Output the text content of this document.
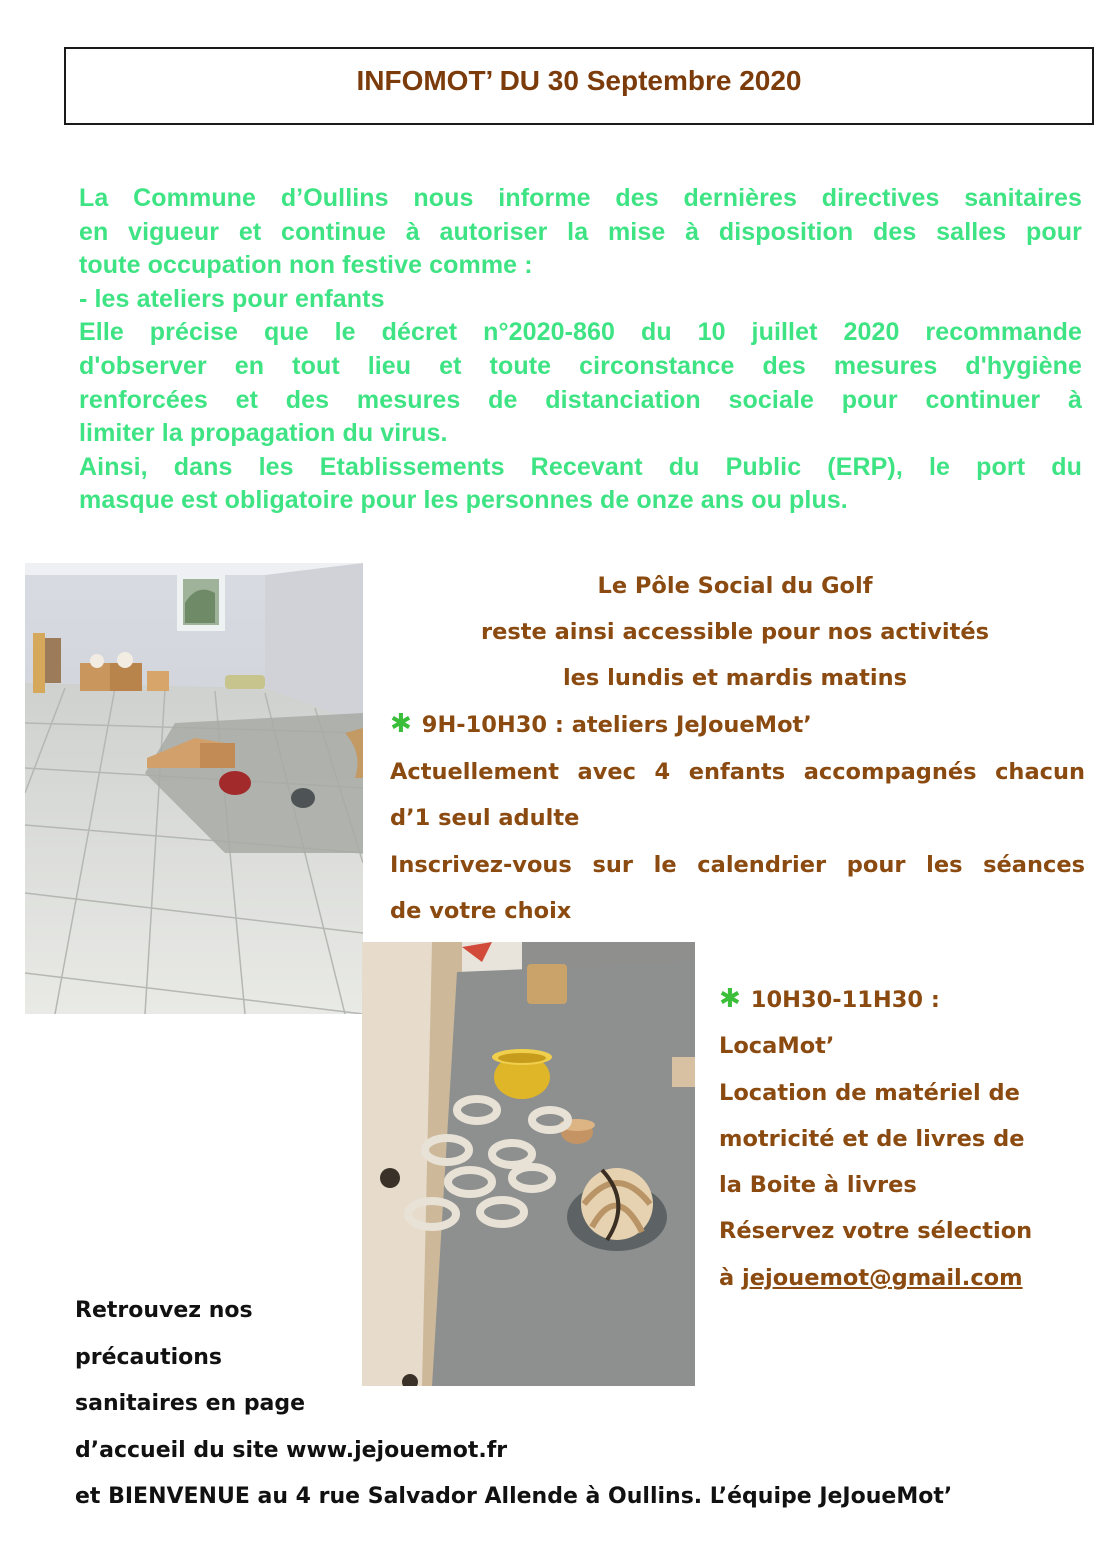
INFOMOT’ DU 30 Septembre 2020
La Commune d’Oullins nous informe des dernières directives sanitaires
en vigueur et continue à autoriser la mise à disposition des salles pour
toute occupation non festive comme :
- les ateliers pour enfants
Elle précise que le décret n°2020-860 du 10 juillet 2020 recommande
d'observer en tout lieu et toute circonstance des mesures d'hygiène
renforcées et des mesures de distanciation sociale pour continuer à
limiter la propagation du virus.
Ainsi, dans les Etablissements Recevant du Public (ERP), le port du
masque est obligatoire pour les personnes de onze ans ou plus.
Le Pôle Social du Golf
reste ainsi accessible pour nos activités
les lundis et mardis matins
✱ 9H-10H30 : ateliers JeJoueMot’
Actuellement avec 4 enfants accompagnés chacun
d’1 seul adulte
Inscrivez-vous sur le calendrier pour les séances
de votre choix
✱ 10H30-11H30 :
LocaMot’
Location de matériel de
motricité et de livres de
la Boite à livres
Réservez votre sélection
à jejouemot@gmail.com
Retrouvez nos
précautions
sanitaires en page
d’accueil du site www.jejouemot.fr
et BIENVENUE au 4 rue Salvador Allende à Oullins. L’équipe JeJoueMot’
